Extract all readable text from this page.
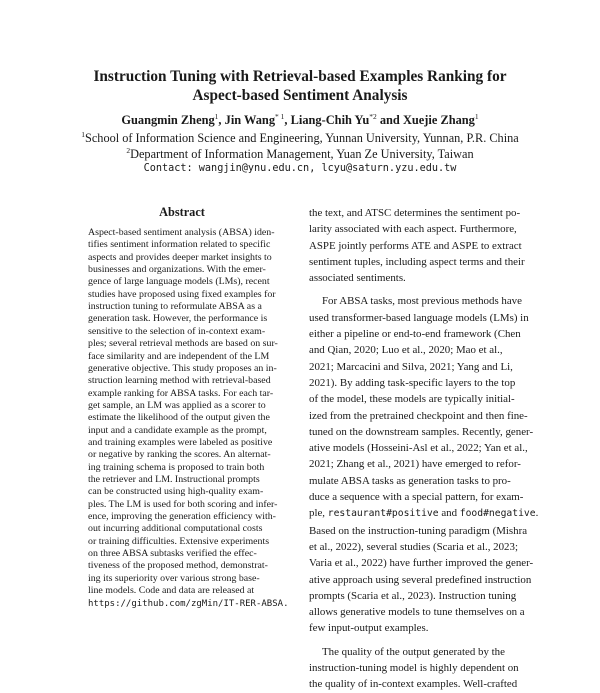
Instruction Tuning with Retrieval-based Examples Ranking for
Aspect-based Sentiment Analysis
Guangmin Zheng$^1$, Jin Wang$^{* 1}$, Liang-Chih Yu$^{*2}$ and Xuejie Zhang$^1$
$^1$School of Information Science and Engineering, Yunnan University, Yunnan, P.R. China
$^2$Department of Information Management, Yuan Ze University, Taiwan
Contact: wangjin@ynu.edu.cn, lcyu@saturn.yzu.edu.tw
Abstract
Aspect-based sentiment analysis (ABSA) iden-
tifies sentiment information related to specific
aspects and provides deeper market insights to
businesses and organizations. With the emer-
gence of large language models (LMs), recent
studies have proposed using fixed examples for
instruction tuning to reformulate ABSA as a
generation task. However, the performance is
sensitive to the selection of in-context exam-
ples; several retrieval methods are based on sur-
face similarity and are independent of the LM
generative objective. This study proposes an in-
struction learning method with retrieval-based
example ranking for ABSA tasks. For each tar-
get sample, an LM was applied as a scorer to
estimate the likelihood of the output given the
input and a candidate example as the prompt,
and training examples were labeled as positive
or negative by ranking the scores. An alternat-
ing training schema is proposed to train both
the retriever and LM. Instructional prompts
can be constructed using high-quality exam-
ples. The LM is used for both scoring and infer-
ence, improving the generation efficiency with-
out incurring additional computational costs
or training difficulties. Extensive experiments
on three ABSA subtasks verified the effec-
tiveness of the proposed method, demonstrat-
ing its superiority over various strong base-
line models. Code and data are released at
https://github.com/zgMin/IT-RER-ABSA.
the text, and ATSC determines the sentiment po-
larity associated with each aspect. Furthermore,
ASPE jointly performs ATE and ASPE to extract
sentiment tuples, including aspect terms and their
associated sentiments.
For ABSA tasks, most previous methods have
used transformer-based language models (LMs) in
either a pipeline or end-to-end framework (Chen
and Qian, 2020; Luo et al., 2020; Mao et al.,
2021; Marcacini and Silva, 2021; Yang and Li,
2021). By adding task-specific layers to the top
of the model, these models are typically initial-
ized from the pretrained checkpoint and then fine-
tuned on the downstream samples. Recently, gener-
ative models (Hosseini-Asl et al., 2022; Yan et al.,
2021; Zhang et al., 2021) have emerged to refor-
mulate ABSA tasks as generation tasks to pro-
duce a sequence with a special pattern, for exam-
ple, restaurant#positive and food#negative.
Based on the instruction-tuning paradigm (Mishra
et al., 2022), several studies (Scaria et al., 2023;
Varia et al., 2022) have further improved the gener-
ative approach using several predefined instruction
prompts (Scaria et al., 2023). Instruction tuning
allows generative models to tune themselves on a
few input-output examples.
The quality of the output generated by the
instruction-tuning model is highly dependent on
the quality of in-context examples. Well-crafted
